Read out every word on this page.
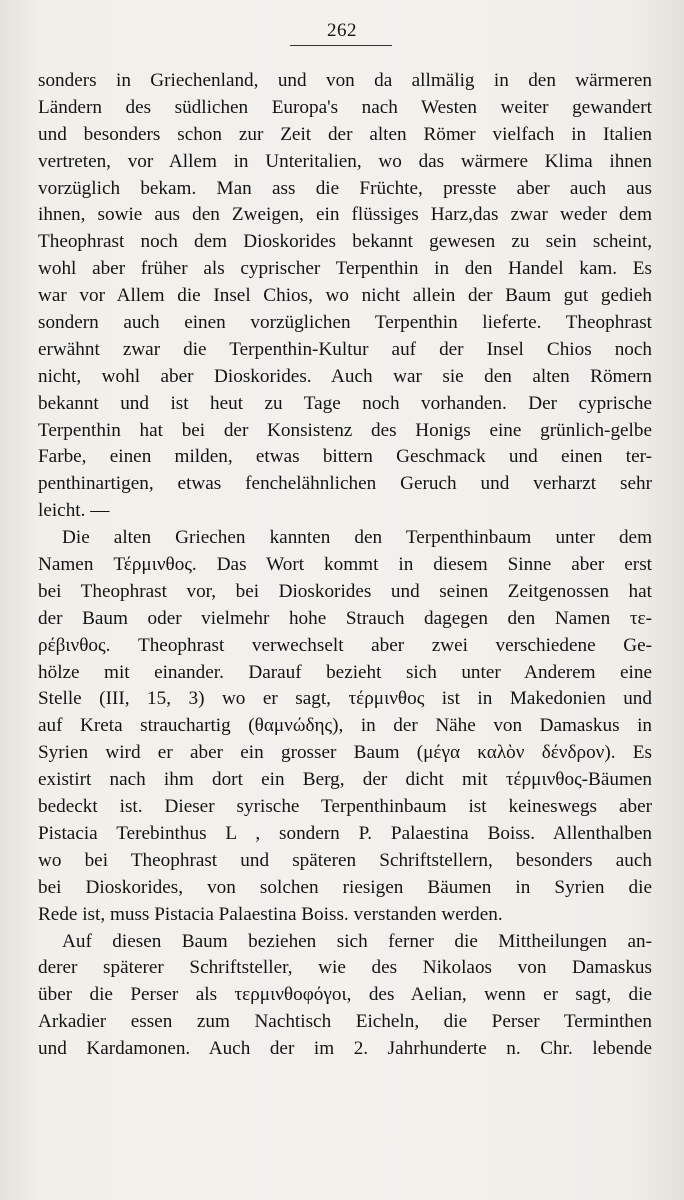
262
sonders in Griechenland, und von da allmälig in den wärmeren
Ländern des südlichen Europa's nach Westen weiter gewandert
und besonders schon zur Zeit der alten Römer vielfach in Italien
vertreten, vor Allem in Unteritalien, wo das wärmere Klima ihnen
vorzüglich bekam. Man ass die Früchte, presste aber auch aus
ihnen, sowie aus den Zweigen, ein flüssiges Harz,das zwar weder dem
Theophrast noch dem Dioskorides bekannt gewesen zu sein scheint,
wohl aber früher als cyprischer Terpenthin in den Handel kam. Es
war vor Allem die Insel Chios, wo nicht allein der Baum gut gedieh
sondern auch einen vorzüglichen Terpenthin lieferte. Theophrast
erwähnt zwar die Terpenthin-Kultur auf der Insel Chios noch
nicht, wohl aber Dioskorides. Auch war sie den alten Römern
bekannt und ist heut zu Tage noch vorhanden. Der cyprische
Terpenthin hat bei der Konsistenz des Honigs eine grünlich-gelbe
Farbe, einen milden, etwas bittern Geschmack und einen ter-
penthinartigen, etwas fenchelähnlichen Geruch und verharzt sehr
leicht. —
Die alten Griechen kannten den Terpenthinbaum unter dem
Namen Τέρμινθος. Das Wort kommt in diesem Sinne aber erst
bei Theophrast vor, bei Dioskorides und seinen Zeitgenossen hat
der Baum oder vielmehr hohe Strauch dagegen den Namen τε-
ρέβινθος. Theophrast verwechselt aber zwei verschiedene Ge-
hölze mit einander. Darauf bezieht sich unter Anderem eine
Stelle (III, 15, 3) wo er sagt, τέρμινθος ist in Makedonien und
auf Kreta strauchartig (θαμνώδης), in der Nähe von Damaskus in
Syrien wird er aber ein grosser Baum (μέγα καλὸν δένδρον). Es
existirt nach ihm dort ein Berg, der dicht mit τέρμινθος-Bäumen
bedeckt ist. Dieser syrische Terpenthinbaum ist keineswegs aber
Pistacia Terebinthus L , sondern P. Palaestina Boiss. Allenthalben
wo bei Theophrast und späteren Schriftstellern, besonders auch
bei Dioskorides, von solchen riesigen Bäumen in Syrien die
Rede ist, muss Pistacia Palaestina Boiss. verstanden werden.
Auf diesen Baum beziehen sich ferner die Mittheilungen an-
derer späterer Schriftsteller, wie des Nikolaos von Damaskus
über die Perser als τερμινθοφόγοι, des Aelian, wenn er sagt, die
Arkadier essen zum Nachtisch Eicheln, die Perser Terminthen
und Kardamonen. Auch der im 2. Jahrhunderte n. Chr. lebende
